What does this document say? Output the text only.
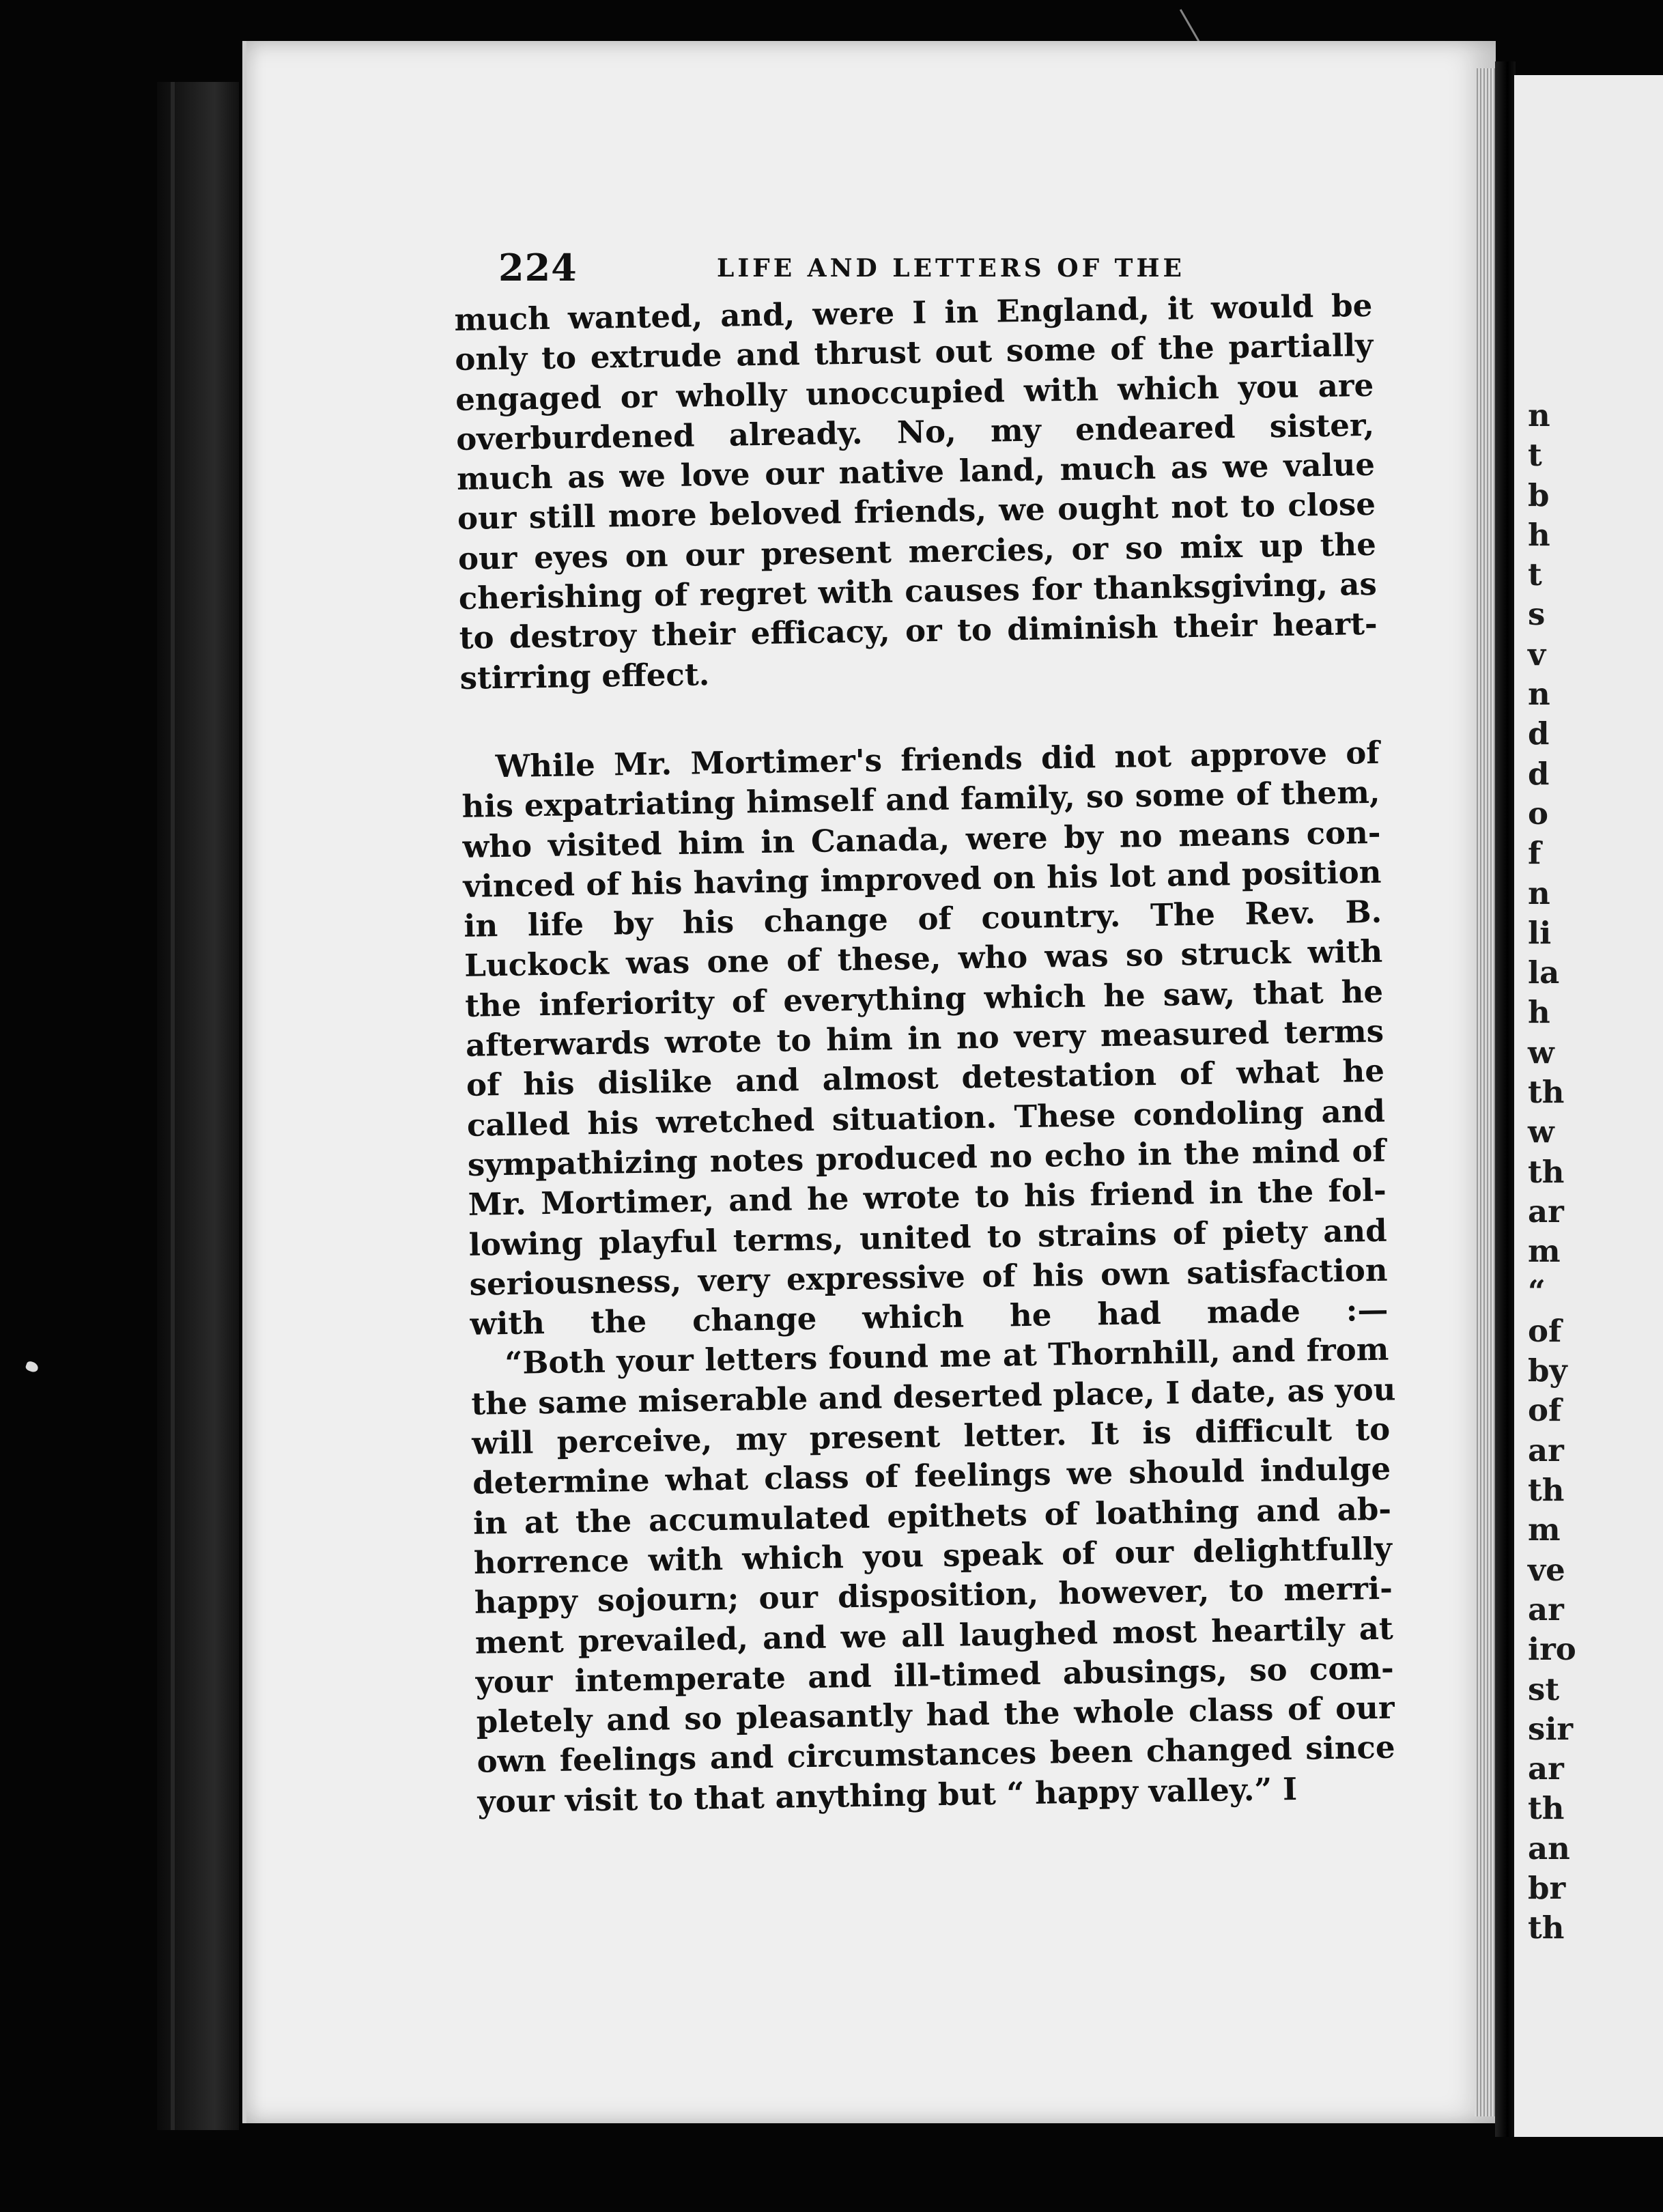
n
t
b
h
t
s
v
n
d
d
o
f
n
li
la
h
w
th
w
th
ar
m
“
of
by
of
ar
th
m
ve
ar
iro
st
sir
ar
th
an
br
th
224	LIFE AND LETTERS OF THE
much wanted, and, were I in England, it would be
only to extrude and thrust out some of the partially
engaged or wholly unoccupied with which you are
overburdened already. No, my endeared sister,
much as we love our native land, much as we value
our still more beloved friends, we ought not to close
our eyes on our present mercies, or so mix up the
cherishing of regret with causes for thanksgiving, as
to destroy their efficacy, or to diminish their heart-
stirring effect.
While Mr. Mortimer's friends did not approve of
his expatriating himself and family, so some of them,
who visited him in Canada, were by no means con-
vinced of his having improved on his lot and position
in life by his change of country. The Rev. B.
Luckock was one of these, who was so struck with
the inferiority of everything which he saw, that he
afterwards wrote to him in no very measured terms
of his dislike and almost detestation of what he
called his wretched situation. These condoling and
sympathizing notes produced no echo in the mind of
Mr. Mortimer, and he wrote to his friend in the fol-
lowing playful terms, united to strains of piety and
seriousness, very expressive of his own satisfaction
with the change which he had made :—
“Both your letters found me at Thornhill, and from
the same miserable and deserted place, I date, as you
will perceive, my present letter. It is difficult to
determine what class of feelings we should indulge
in at the accumulated epithets of loathing and ab-
horrence with which you speak of our delightfully
happy sojourn; our disposition, however, to merri-
ment prevailed, and we all laughed most heartily at
your intemperate and ill-timed abusings, so com-
pletely and so pleasantly had the whole class of our
own feelings and circumstances been changed since
your visit to that anything but “ happy valley.” I
